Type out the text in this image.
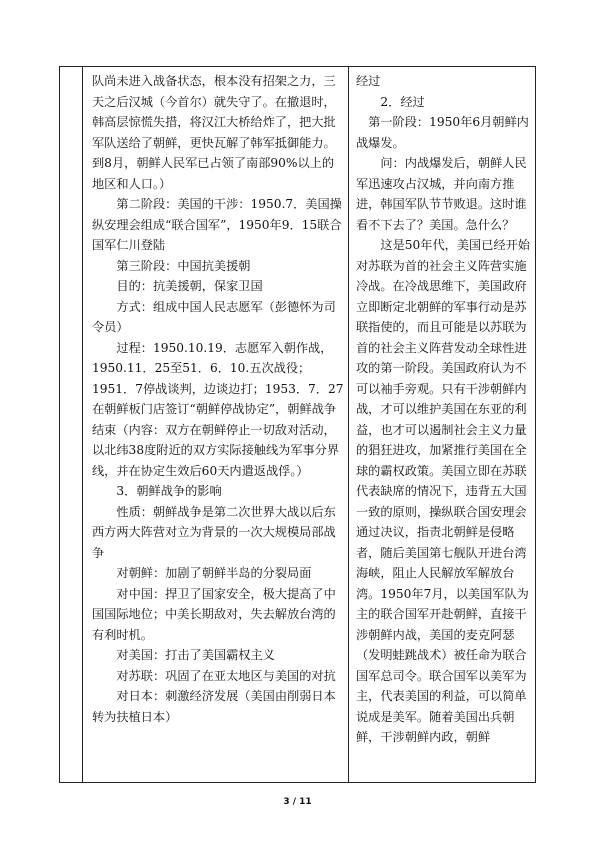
队尚未进入战备状态，根本没有招架之力，三天之后汉城（今首尔）就失守了。在撤退时，韩高层惊慌失措，将汉江大桥给炸了，把大批军队送给了朝鲜，更快瓦解了韩军抵御能力。到8月，朝鲜人民军已占领了南部90%以上的地区和人口。）

第二阶段：美国的干涉：1950.7．美国操纵安理会组成“联合国军”，1950年9．15联合国军仁川登陆

第三阶段：中国抗美援朝

目的：抗美援朝，保家卫国

方式：组成中国人民志愿军（彭德怀为司令员）

过程：1950.10.19．志愿军入朝作战，1950.11．25至51．6．10.五次战役；1951．7停战谈判，边谈边打；1953．7．27在朝鲜板门店签订“朝鲜停战协定”，朝鲜战争结束（内容：双方在朝鲜停止一切敌对活动，以北纬38度附近的双方实际接触线为军事分界线，并在协定生效后60天内遣返战俘。）

3．朝鲜战争的影响

性质：朝鲜战争是第二次世界大战以后东西方两大阵营对立为背景的一次大规模局部战争

对朝鲜：加剧了朝鲜半岛的分裂局面

对中国：捍卫了国家安全，极大提高了中国国际地位；中美长期敌对，失去解放台湾的有利时机。

对美国：打击了美国霸权主义

对苏联：巩固了在亚太地区与美国的对抗

对日本：刺激经济发展（美国由削弱日本转为扶植日本）

经过

2．经过

第一阶段：1950年6月朝鲜内战爆发。

问：内战爆发后，朝鲜人民军迅速攻占汉城，并向南方推进，韩国军队节节败退。这时谁看不下去了？美国。急什么？

这是50年代，美国已经开始对苏联为首的社会主义阵营实施冷战。在冷战思维下，美国政府立即断定北朝鲜的军事行动是苏联指使的，而且可能是以苏联为首的社会主义阵营发动全球性进攻的第一阶段。美国政府认为不可以袖手旁观。只有干涉朝鲜内战，才可以维护美国在东亚的利益，也才可以遏制社会主义力量的猖狂进攻，加紧推行美国在全球的霸权政策。美国立即在苏联代表缺席的情况下，违背五大国一致的原则，操纵联合国安理会通过决议，指责北朝鲜是侵略者，随后美国第七舰队开进台湾海峡，阻止人民解放军解放台湾。1950年7月，以美国军队为主的联合国军开赴朝鲜，直接干涉朝鲜内战，美国的麦克阿瑟（发明蛙跳战术）被任命为联合国军总司令。联合国军以美军为主，代表美国的利益，可以简单说成是美军。随着美国出兵朝鲜，干涉朝鲜内政，朝鲜

3 / 11
